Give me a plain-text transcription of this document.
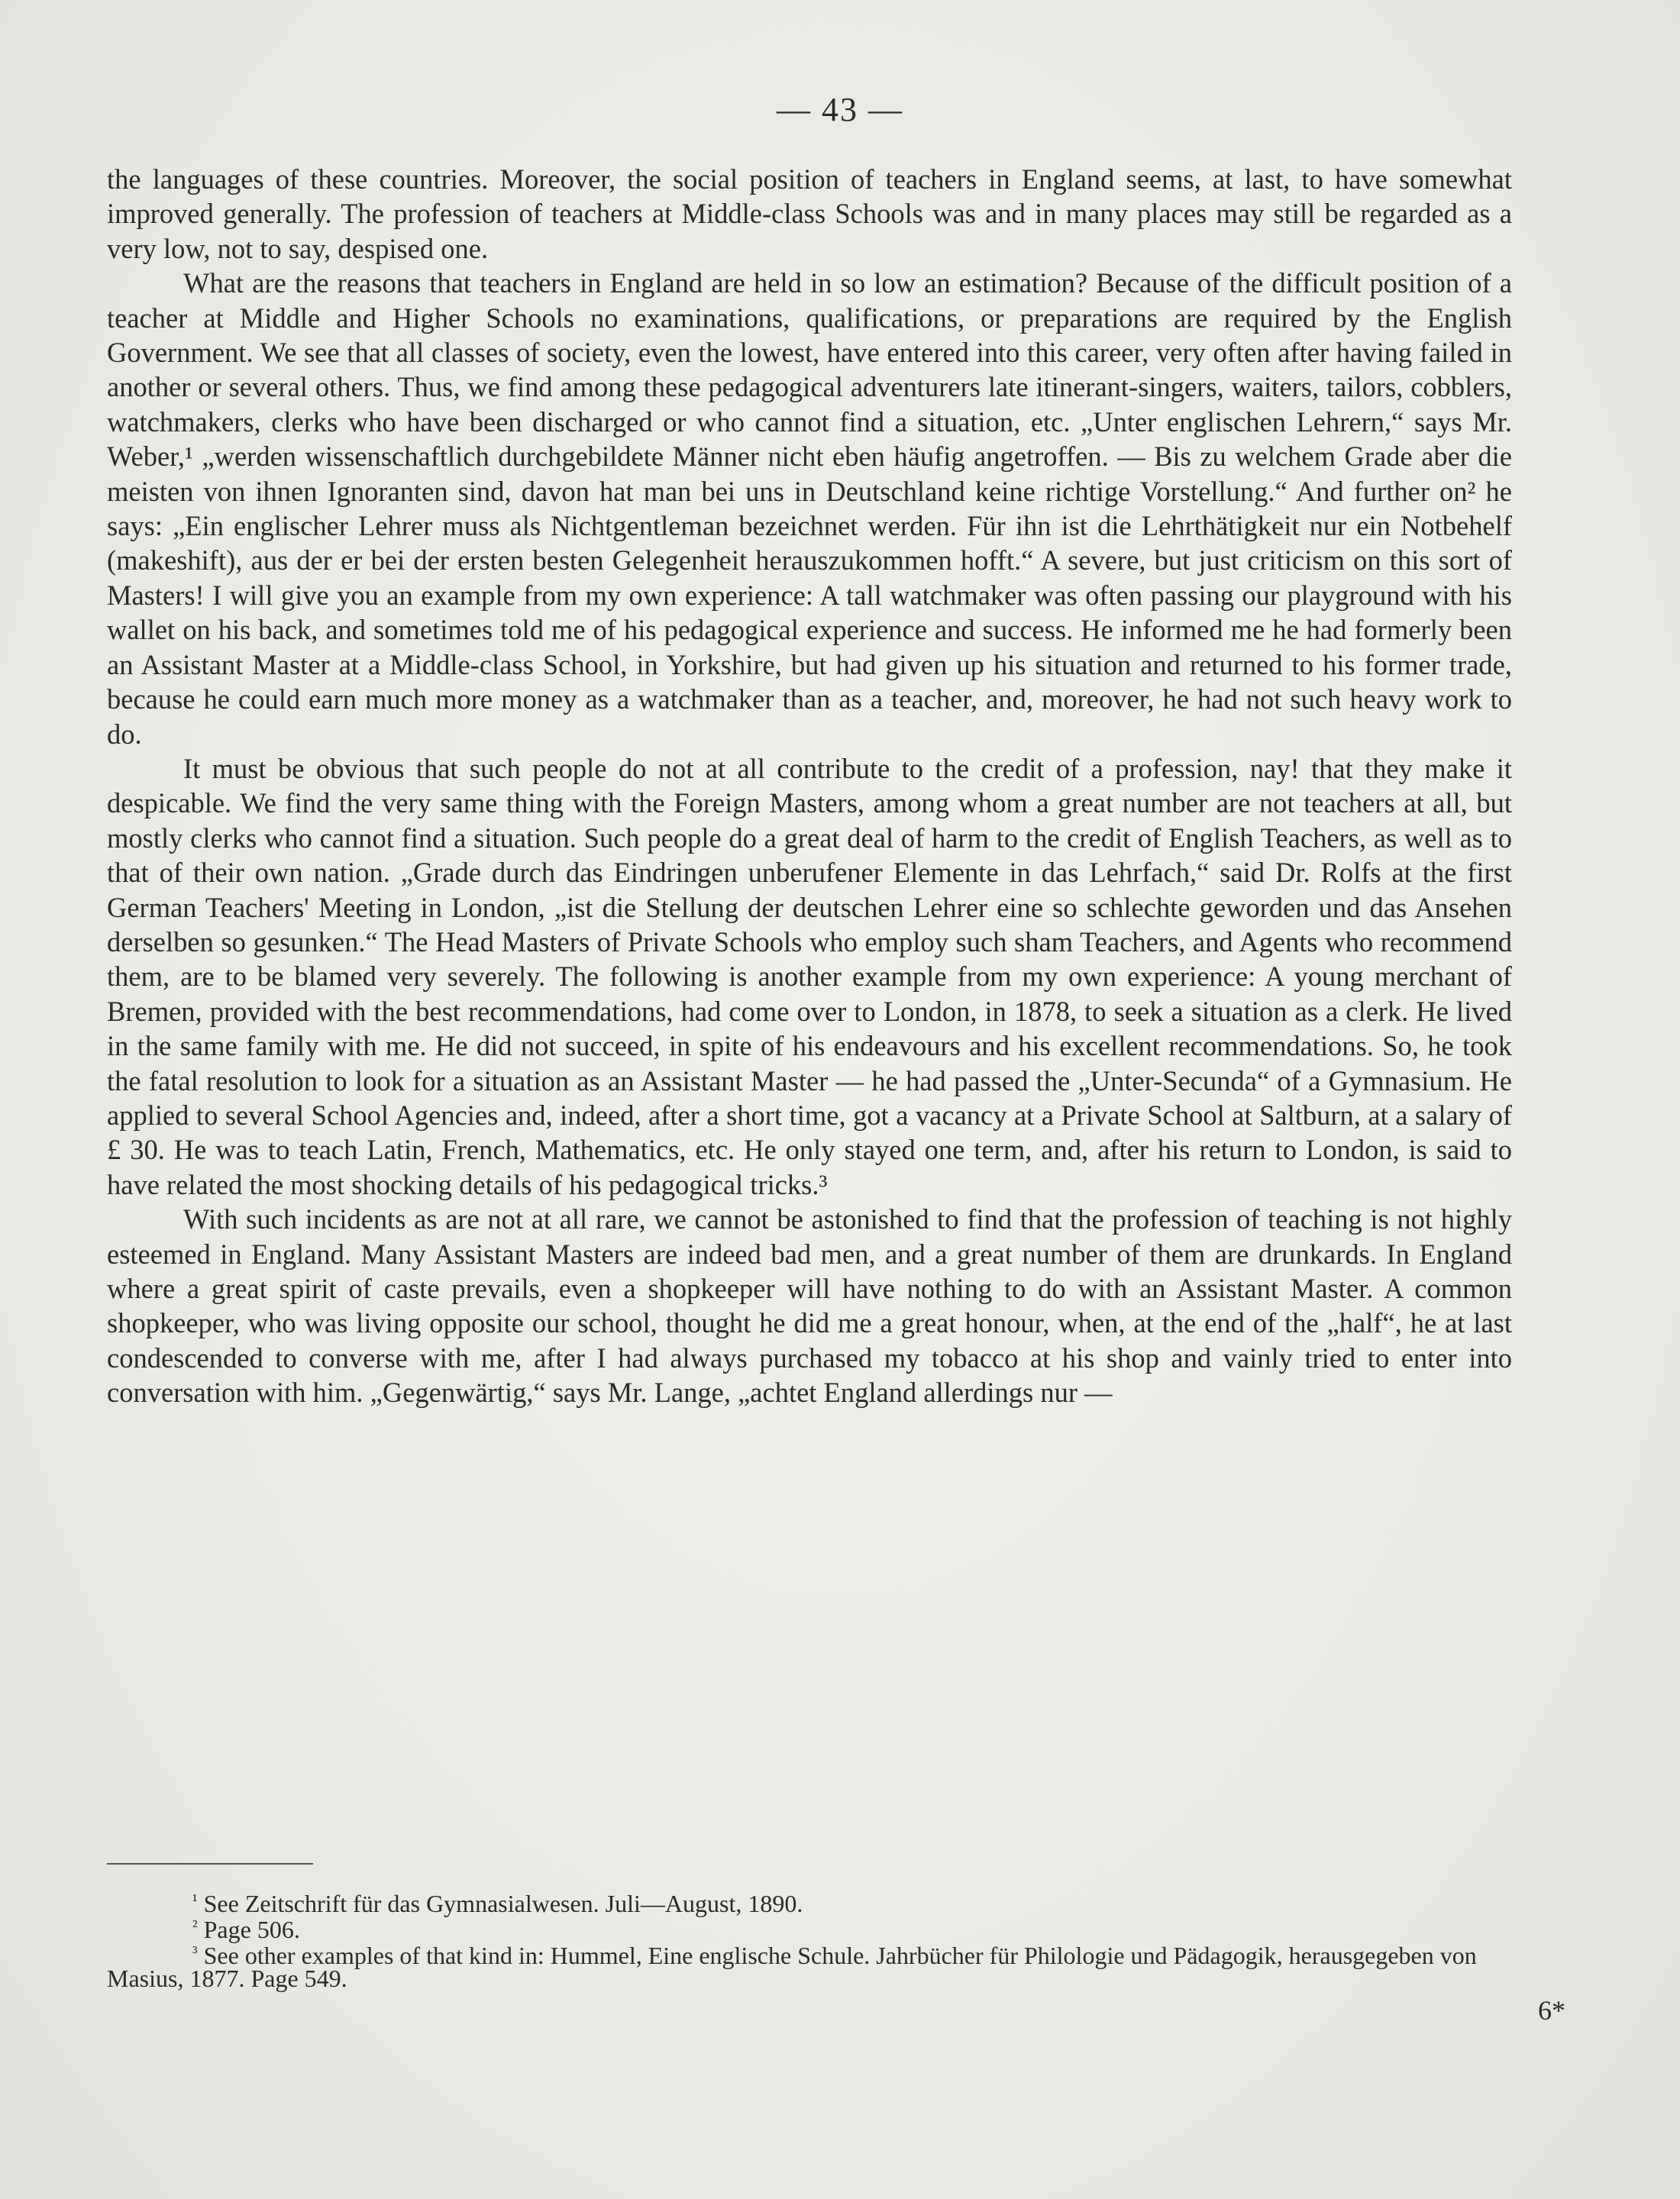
— 43 —

the languages of these countries. Moreover, the social position of teachers in England seems, at last, to have somewhat improved generally. The profession of teachers at Middle-class Schools was and in many places may still be regarded as a very low, not to say, despised one.

What are the reasons that teachers in England are held in so low an estimation? Because of the difficult position of a teacher at Middle and Higher Schools no examinations, qualifications, or preparations are required by the English Government. We see that all classes of society, even the lowest, have entered into this career, very often after having failed in another or several others. Thus, we find among these pedagogical adventurers late itinerant-singers, waiters, tailors, cobblers, watchmakers, clerks who have been discharged or who cannot find a situation, etc. „Unter englischen Lehrern,“ says Mr. Weber,¹ „werden wissenschaftlich durchgebildete Männer nicht eben häufig angetroffen. — Bis zu welchem Grade aber die meisten von ihnen Ignoranten sind, davon hat man bei uns in Deutschland keine richtige Vorstellung.“ And further on² he says: „Ein englischer Lehrer muss als Nichtgentleman bezeichnet werden. Für ihn ist die Lehrthätigkeit nur ein Notbehelf (makeshift), aus der er bei der ersten besten Gelegenheit herauszukommen hofft.“ A severe, but just criticism on this sort of Masters! I will give you an example from my own experience: A tall watchmaker was often passing our playground with his wallet on his back, and sometimes told me of his pedagogical experience and success. He informed me he had formerly been an Assistant Master at a Middle-class School, in Yorkshire, but had given up his situation and returned to his former trade, because he could earn much more money as a watchmaker than as a teacher, and, moreover, he had not such heavy work to do.

It must be obvious that such people do not at all contribute to the credit of a profession, nay! that they make it despicable. We find the very same thing with the Foreign Masters, among whom a great number are not teachers at all, but mostly clerks who cannot find a situation. Such people do a great deal of harm to the credit of English Teachers, as well as to that of their own nation. „Grade durch das Eindringen unberufener Elemente in das Lehrfach,“ said Dr. Rolfs at the first German Teachers' Meeting in London, „ist die Stellung der deutschen Lehrer eine so schlechte geworden und das Ansehen derselben so gesunken.“ The Head Masters of Private Schools who employ such sham Teachers, and Agents who recommend them, are to be blamed very severely. The following is another example from my own experience: A young merchant of Bremen, provided with the best recommendations, had come over to London, in 1878, to seek a situation as a clerk. He lived in the same family with me. He did not succeed, in spite of his endeavours and his excellent recommendations. So, he took the fatal resolution to look for a situation as an Assistant Master — he had passed the „Unter-Secunda“ of a Gymnasium. He applied to several School Agencies and, indeed, after a short time, got a vacancy at a Private School at Saltburn, at a salary of £ 30. He was to teach Latin, French, Mathematics, etc. He only stayed one term, and, after his return to London, is said to have related the most shocking details of his pedagogical tricks.³

With such incidents as are not at all rare, we cannot be astonished to find that the profession of teaching is not highly esteemed in England. Many Assistant Masters are indeed bad men, and a great number of them are drunkards. In England where a great spirit of caste prevails, even a shopkeeper will have nothing to do with an Assistant Master. A common shopkeeper, who was living opposite our school, thought he did me a great honour, when, at the end of the „half“, he at last condescended to converse with me, after I had always purchased my tobacco at his shop and vainly tried to enter into conversation with him. „Gegenwärtig,“ says Mr. Lange, „achtet England allerdings nur —

$^{^1}$ See Zeitschrift für das Gymnasialwesen. Juli—August, 1890.

$^{^2}$ Page 506.

$^{^3}$ See other examples of that kind in: Hummel, Eine englische Schule. Jahrbücher für Philologie und Pädagogik, herausgegeben von Masius, 1877. Page 549.

6*
